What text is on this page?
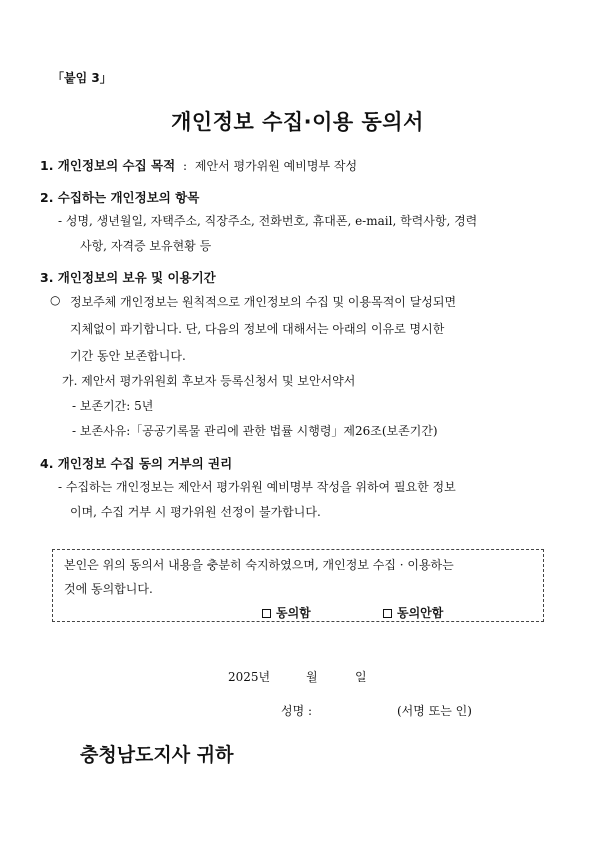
「붙임 3」
개인정보 수집·이용 동의서
1. 개인정보의 수집 목적 : 제안서 평가위원 예비명부 작성
2. 수집하는 개인정보의 항목
- 성명, 생년월일, 자택주소, 직장주소, 전화번호, 휴대폰, e-mail, 학력사항, 경력
사항, 자격증 보유현황 등
3. 개인정보의 보유 및 이용기간
○ 정보주체 개인정보는 원칙적으로 개인정보의 수집 및 이용목적이 달성되면
지체없이 파기합니다. 단, 다음의 정보에 대해서는 아래의 이유로 명시한
기간 동안 보존합니다.
가. 제안서 평가위원회 후보자 등록신청서 및 보안서약서
- 보존기간: 5년
- 보존사유:「공공기록물 관리에 관한 법률 시행령」제26조(보존기간)
4. 개인정보 수집 동의 거부의 권리
- 수집하는 개인정보는 제안서 평가위원 예비명부 작성을 위하여 필요한 정보
이며, 수집 거부 시 평가위원 선정이 불가합니다.
본인은 위의 동의서 내용을 충분히 숙지하였으며, 개인정보 수집 · 이용하는
것에 동의합니다.
동의함	동의안함
2025년	월	일
성명 :	(서명 또는 인)
충청남도지사 귀하
